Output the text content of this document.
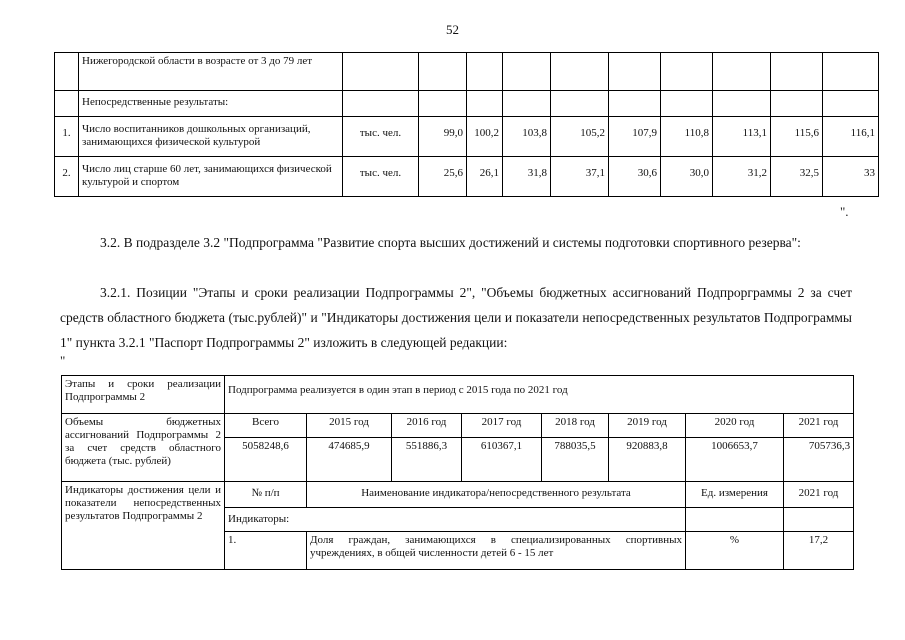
52
	Нижегородской области в возрасте от 3 до 79 лет										
	Непосредственные результаты:										
1.	Число воспитанников дошкольных организаций, занимающихся физической культурой	тыс. чел.	99,0	100,2	103,8	105,2	107,9	110,8	113,1	115,6	116,1
2.	Число лиц старше 60 лет, занимающихся физической культурой и спортом	тыс. чел.	25,6	26,1	31,8	37,1	30,6	30,0	31,2	32,5	33
".
3.2. В подразделе 3.2 "Подпрограмма "Развитие спорта высших достижений и системы подготовки спортивного резерва":
3.2.1. Позиции "Этапы и сроки реализации Подпрограммы 2", "Объемы бюджетных ассигнований Подпрорграммы 2 за счет средств областного бюджета (тыс.рублей)" и "Индикаторы достижения цели и показатели непосредственных результатов Подпрограммы 1" пункта 3.2.1 "Паспорт Подпрограммы 2" изложить в следующей редакции:
"
Этапы и сроки реализации Подпрограммы 2	Подпрограмма реализуется в один этап в период с 2015 года по 2021 год							
Объемы бюджетных ассигнований Подпрограммы 2 за счет средств областного бюджета (тыс. рублей)	Всего	2015 год	2016 год	2017 год	2018 год	2019 год	2020 год	2021 год
	5058248,6	474685,9	551886,3	610367,1	788035,5	920883,8	1006653,7	705736,3
Индикаторы достижения цели и показатели непосредственных результатов Подпрограммы 2	№ п/п	Наименование индикатора/непосредственного результата					Ед. измерения	2021 год
	Индикаторы:							
	1.	Доля граждан, занимающихся в специализированных спортивных учреждениях, в общей численности детей 6 - 15 лет					%	17,2
